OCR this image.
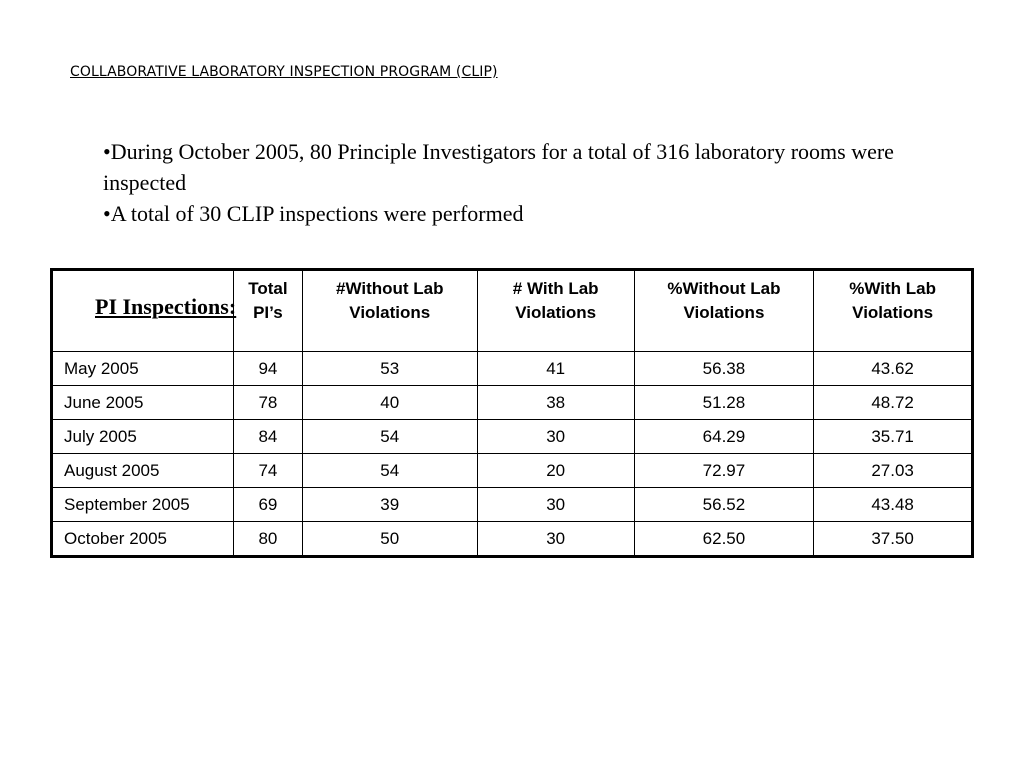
COLLABORATIVE LABORATORY INSPECTION PROGRAM (CLIP)

•During October 2005, 80 Principle Investigators for a total of 316 laboratory rooms were inspected

•A total of 30 CLIP inspections were performed

PI Inspections:	Total PI’s	#Without Lab Violations	# With Lab Violations	%Without Lab Violations	%With Lab Violations
May 2005	94	53	41	56.38	43.62
June 2005	78	40	38	51.28	48.72
July 2005	84	54	30	64.29	35.71
August 2005	74	54	20	72.97	27.03
September 2005	69	39	30	56.52	43.48
October 2005	80	50	30	62.50	37.50
